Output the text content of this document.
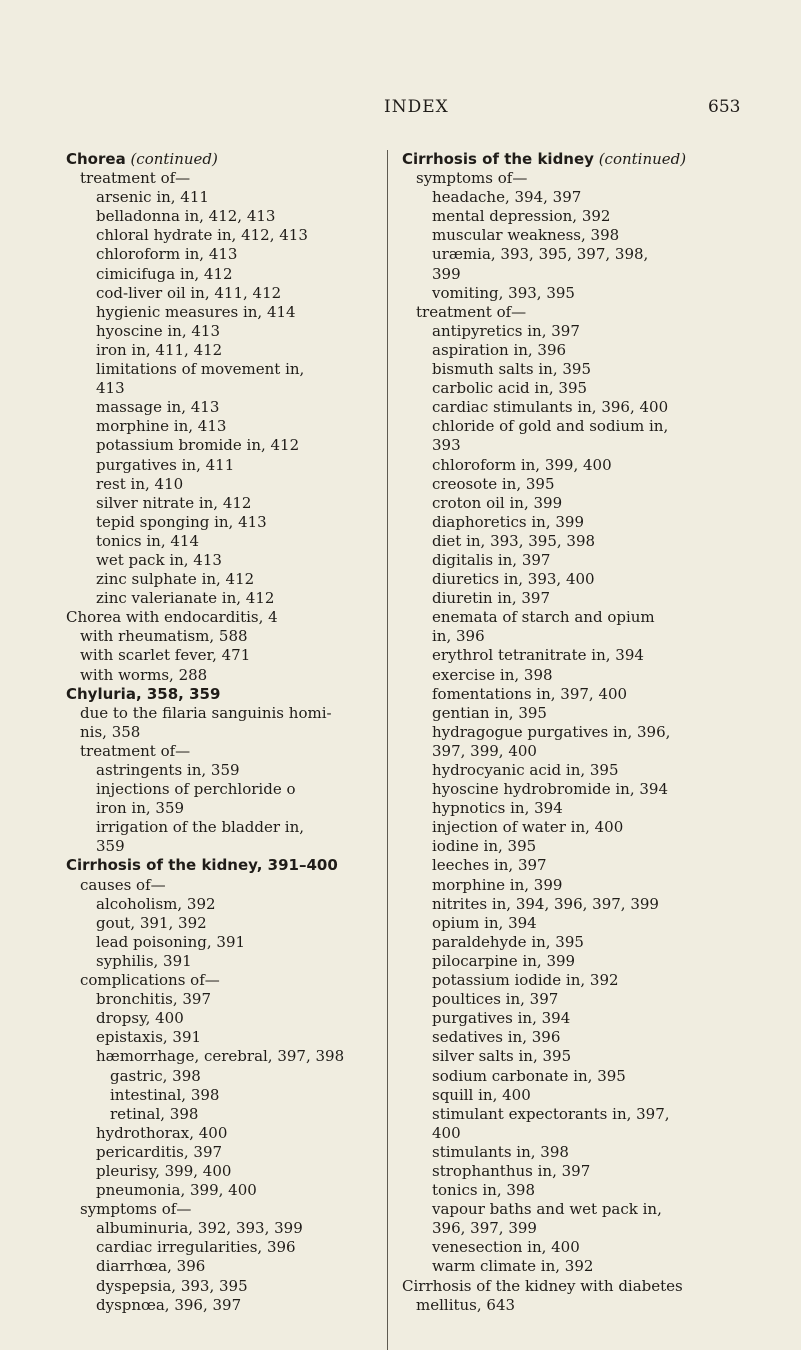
INDEX	653
Chorea (continued)
treatment of—
arsenic in, 411
belladonna in, 412, 413
chloral hydrate in, 412, 413
chloroform in, 413
cimicifuga in, 412
cod-liver oil in, 411, 412
hygienic measures in, 414
hyoscine in, 413
iron in, 411, 412
limitations of movement in,
413
massage in, 413
morphine in, 413
potassium bromide in, 412
purgatives in, 411
rest in, 410
silver nitrate in, 412
tepid sponging in, 413
tonics in, 414
wet pack in, 413
zinc sulphate in, 412
zinc valerianate in, 412
Chorea with endocarditis, 4
with rheumatism, 588
with scarlet fever, 471
with worms, 288
Chyluria, 358, 359
due to the filaria sanguinis homi-
nis, 358
treatment of—
astringents in, 359
injections of perchloride o
iron in, 359
irrigation of the bladder in,
359
Cirrhosis of the kidney, 391–400
causes of—
alcoholism, 392
gout, 391, 392
lead poisoning, 391
syphilis, 391
complications of—
bronchitis, 397
dropsy, 400
epistaxis, 391
hæmorrhage, cerebral, 397, 398
gastric, 398
intestinal, 398
retinal, 398
hydrothorax, 400
pericarditis, 397
pleurisy, 399, 400
pneumonia, 399, 400
symptoms of—
albuminuria, 392, 393, 399
cardiac irregularities, 396
diarrhœa, 396
dyspepsia, 393, 395
dyspnœa, 396, 397
Cirrhosis of the kidney (continued)
symptoms of—
headache, 394, 397
mental depression, 392
muscular weakness, 398
uræmia, 393, 395, 397, 398,
399
vomiting, 393, 395
treatment of—
antipyretics in, 397
aspiration in, 396
bismuth salts in, 395
carbolic acid in, 395
cardiac stimulants in, 396, 400
chloride of gold and sodium in,
393
chloroform in, 399, 400
creosote in, 395
croton oil in, 399
diaphoretics in, 399
diet in, 393, 395, 398
digitalis in, 397
diuretics in, 393, 400
diuretin in, 397
enemata of starch and opium
in, 396
erythrol tetranitrate in, 394
exercise in, 398
fomentations in, 397, 400
gentian in, 395
hydragogue purgatives in, 396,
397, 399, 400
hydrocyanic acid in, 395
hyoscine hydrobromide in, 394
hypnotics in, 394
injection of water in, 400
iodine in, 395
leeches in, 397
morphine in, 399
nitrites in, 394, 396, 397, 399
opium in, 394
paraldehyde in, 395
pilocarpine in, 399
potassium iodide in, 392
poultices in, 397
purgatives in, 394
sedatives in, 396
silver salts in, 395
sodium carbonate in, 395
squill in, 400
stimulant expectorants in, 397,
400
stimulants in, 398
strophanthus in, 397
tonics in, 398
vapour baths and wet pack in,
396, 397, 399
venesection in, 400
warm climate in, 392
Cirrhosis of the kidney with diabetes
mellitus, 643
